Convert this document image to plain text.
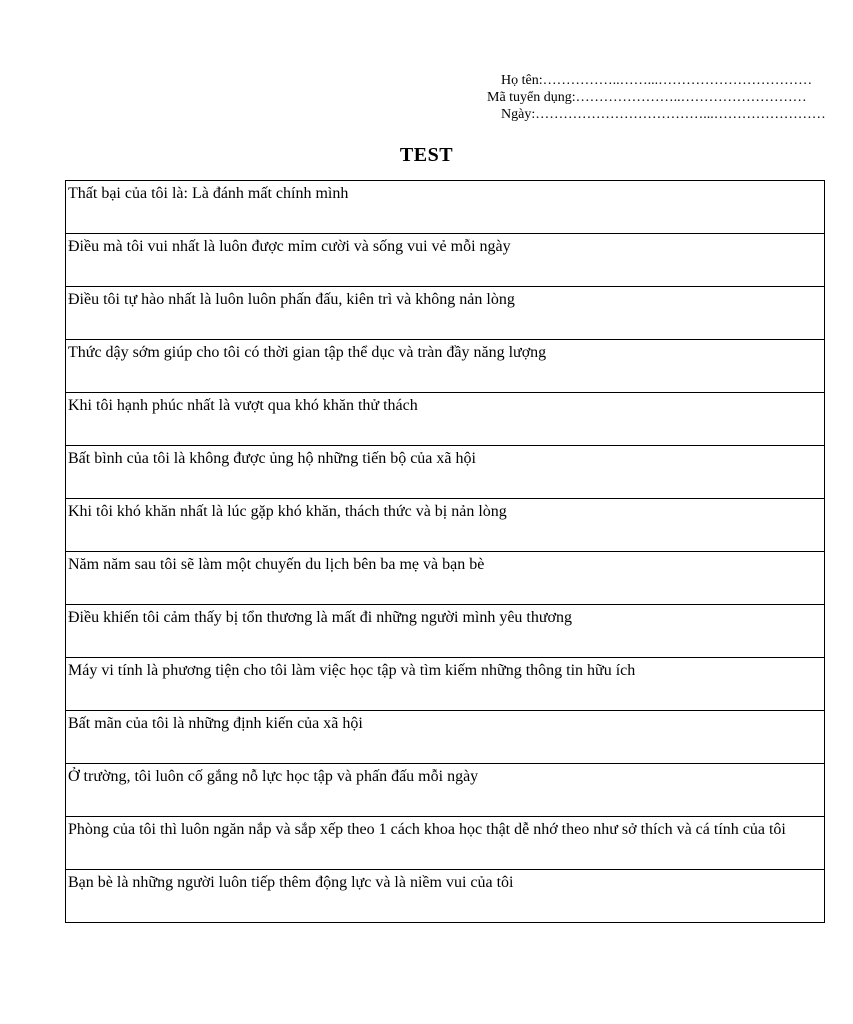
Họ tên: ……………..……...……………………………
Mã tuyển dụng: …………………..………………………
Ngày: ………………………………...……………………
TEST
Thất bại của tôi là: Là đánh mất chính mình
Điều mà tôi vui nhất là luôn được mỉm cười và sống vui vẻ mỗi ngày
Điều tôi tự hào nhất là luôn luôn phấn đấu, kiên trì và không nản lòng
Thức dậy sớm giúp cho tôi có thời gian tập thể dục và tràn đầy năng lượng
Khi tôi hạnh phúc nhất là vượt qua khó khăn thử thách
Bất bình của tôi là không được ủng hộ những tiến bộ của xã hội
Khi tôi khó khăn nhất là lúc gặp khó khăn, thách thức và bị nản lòng
Năm năm sau tôi sẽ làm một chuyến du lịch bên ba mẹ và bạn bè
Điều khiến tôi cảm thấy bị tổn thương là mất đi những người mình yêu thương
Máy vi tính là phương tiện cho tôi làm việc học tập và tìm kiếm những thông tin hữu ích
Bất mãn của tôi là những định kiến của xã hội
Ở trường, tôi luôn cố gắng nỗ lực học tập và phấn đấu mỗi ngày
Phòng của tôi thì luôn ngăn nắp và sắp xếp theo 1 cách khoa học thật dễ nhớ theo như sở thích và cá tính của tôi
Bạn bè là những người luôn tiếp thêm động lực và là niềm vui của tôi
